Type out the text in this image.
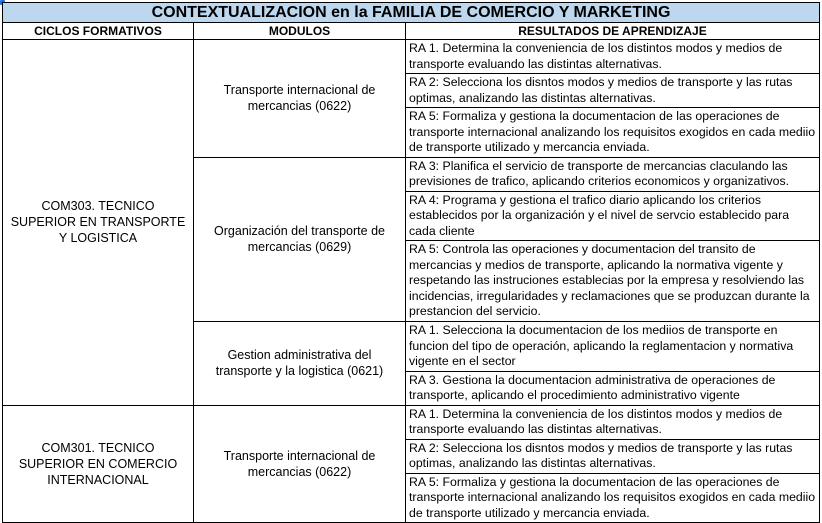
CONTEXTUALIZACION en la FAMILIA DE COMERCIO Y MARKETING		
CICLOS FORMATIVOS	MODULOS	RESULTADOS DE APRENDIZAJE
COM303. TECNICO SUPERIOR EN TRANSPORTE Y LOGISTICA	Transporte internacional de mercancias (0622)	RA 1. Determina la conveniencia de los distintos modos y medios de transporte evaluando las distintas alternativas.
		RA 2: Selecciona los disntos modos y medios de transporte y las rutas optimas, analizando las distintas alternativas.
		RA 5: Formaliza y gestiona la documentacion de las operaciones de transporte internacional analizando los requisitos exogidos en cada mediio de transporte utilizado y mercancia enviada.
	Organización del transporte de mercancias (0629)	RA 3: Planifica el servicio de transporte de mercancias claculando las previsiones de trafico, aplicando criterios economicos y organizativos.
		RA 4: Programa y gestiona el trafico diario aplicando los criterios establecidos por la organización y el nivel de servcio establecido para cada cliente
		RA 5: Controla las operaciones y documentacion del transito de mercancias y medios de transporte, aplicando la normativa vigente y respetando las instruciones establecias por la empresa y resolviendo las incidencias, irregularidades y reclamaciones que se produzcan durante la prestancion del servicio.
	Gestion administrativa del transporte y la logistica (0621)	RA 1. Selecciona la documentacion de los mediios de transporte en funcion del tipo de operación, aplicando la reglamentacion y normativa vigente en el sector
		RA 3. Gestiona la documentacion administrativa de operaciones de transporte, aplicando el procedimiento administrativo vigente
COM301. TECNICO SUPERIOR EN COMERCIO INTERNACIONAL	Transporte internacional de mercancias (0622)	RA 1. Determina la conveniencia de los distintos modos y medios de transporte evaluando las distintas alternativas.
		RA 2: Selecciona los disntos modos y medios de transporte y las rutas optimas, analizando las distintas alternativas.
		RA 5: Formaliza y gestiona la documentacion de las operaciones de transporte internacional analizando los requisitos exogidos en cada mediio de transporte utilizado y mercancia enviada.
